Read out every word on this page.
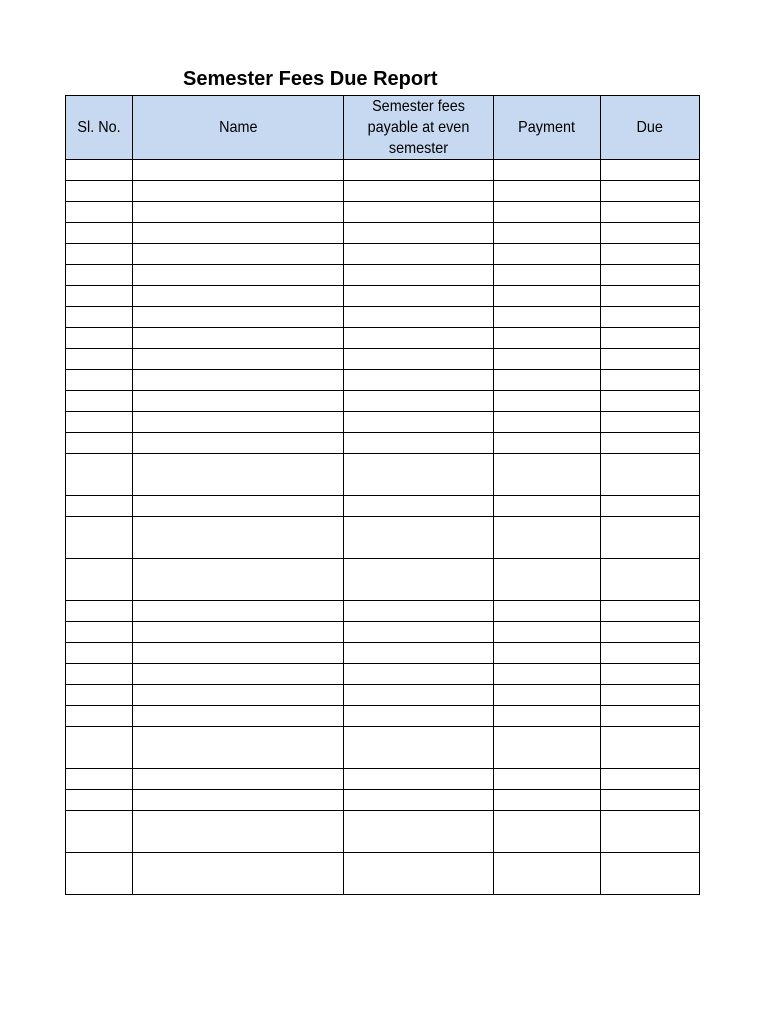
Semester Fees Due Report
Sl. No.	Name	Semester fees payable at even semester	Payment	Due
